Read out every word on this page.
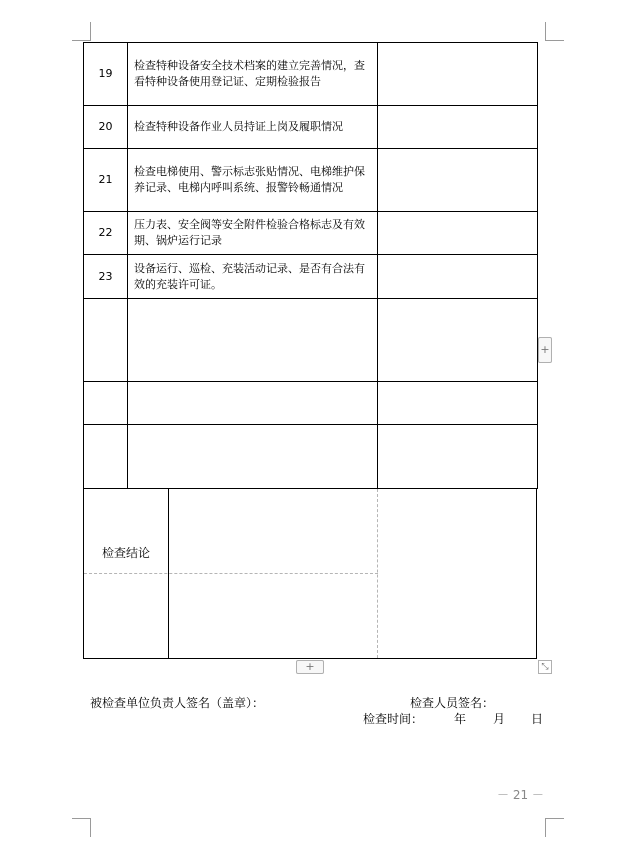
19	检查特种设备安全技术档案的建立完善情况，查看特种设备使用登记证、定期检验报告	
20	检查特种设备作业人员持证上岗及履职情况	
21	检查电梯使用、警示标志张贴情况、电梯维护保养记录、电梯内呼叫系统、报警铃畅通情况	
22	压力表、安全阀等安全附件检验合格标志及有效期、锅炉运行记录	
23	设备运行、巡检、充装活动记录、是否有合法有效的充装许可证。	

检查结论
+
+	⤡
被检查单位负责人签名（盖章）：	检查人员签名：
检查时间：	年 月 日
－ 21 －
